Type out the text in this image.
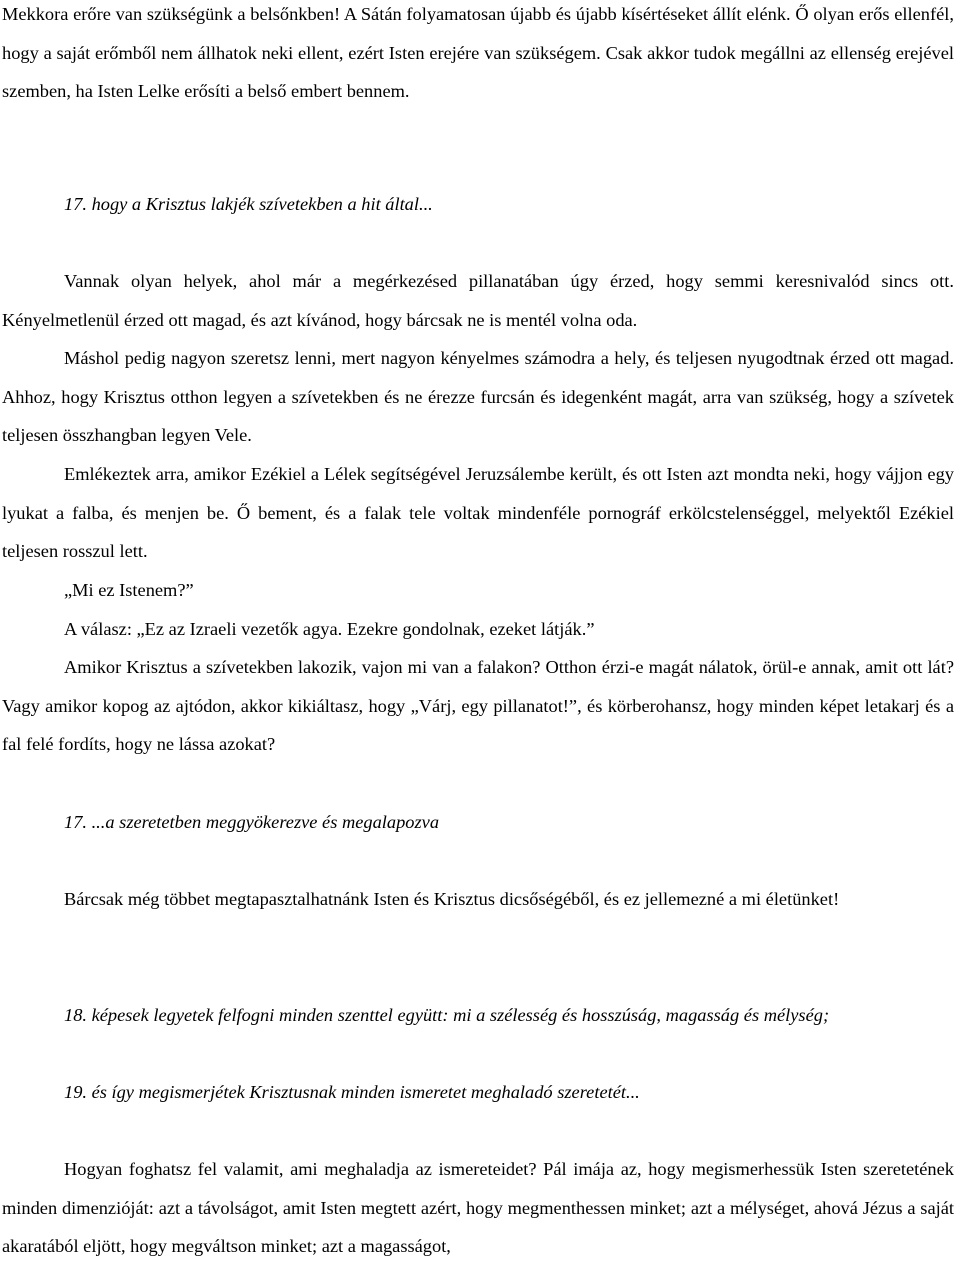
Mekkora erőre van szükségünk a belsőnkben! A Sátán folyamatosan újabb és újabb kísértéseket állít elénk. Ő olyan erős ellenfél, hogy a saját erőmből nem állhatok neki ellent, ezért Isten erejére van szükségem. Csak akkor tudok megállni az ellenség erejével szemben, ha Isten Lelke erősíti a belső embert bennem.

17. hogy a Krisztus lakjék szívetekben a hit által...

Vannak olyan helyek, ahol már a megérkezésed pillanatában úgy érzed, hogy semmi keresnivalód sincs ott. Kényelmetlenül érzed ott magad, és azt kívánod, hogy bárcsak ne is mentél volna oda.

Máshol pedig nagyon szeretsz lenni, mert nagyon kényelmes számodra a hely, és teljesen nyugodtnak érzed ott magad. Ahhoz, hogy Krisztus otthon legyen a szívetekben és ne érezze furcsán és idegenként magát, arra van szükség, hogy a szívetek teljesen összhangban legyen Vele.

Emlékeztek arra, amikor Ezékiel a Lélek segítségével Jeruzsálembe került, és ott Isten azt mondta neki, hogy vájjon egy lyukat a falba, és menjen be. Ő bement, és a falak tele voltak mindenféle pornográf erkölcstelenséggel, melyektől Ezékiel teljesen rosszul lett.

„Mi ez Istenem?”

A válasz: „Ez az Izraeli vezetők agya. Ezekre gondolnak, ezeket látják.”

Amikor Krisztus a szívetekben lakozik, vajon mi van a falakon? Otthon érzi-e magát nálatok, örül-e annak, amit ott lát? Vagy amikor kopog az ajtódon, akkor kikiáltasz, hogy „Várj, egy pillanatot!”, és körberohansz, hogy minden képet letakarj és a fal felé fordíts, hogy ne lássa azokat?

17. ...a szeretetben meggyökerezve és megalapozva

Bárcsak még többet megtapasztalhatnánk Isten és Krisztus dicsőségéből, és ez jellemezné a mi életünket!

18. képesek legyetek felfogni minden szenttel együtt: mi a szélesség és hosszúság, magasság és mélység;

19. és így megismerjétek Krisztusnak minden ismeretet meghaladó szeretetét...

Hogyan foghatsz fel valamit, ami meghaladja az ismereteidet? Pál imája az, hogy megismerhessük Isten szeretetének minden dimenzióját: azt a távolságot, amit Isten megtett azért, hogy megmenthessen minket; azt a mélységet, ahová Jézus a saját akaratából eljött, hogy megváltson minket; azt a magasságot,
